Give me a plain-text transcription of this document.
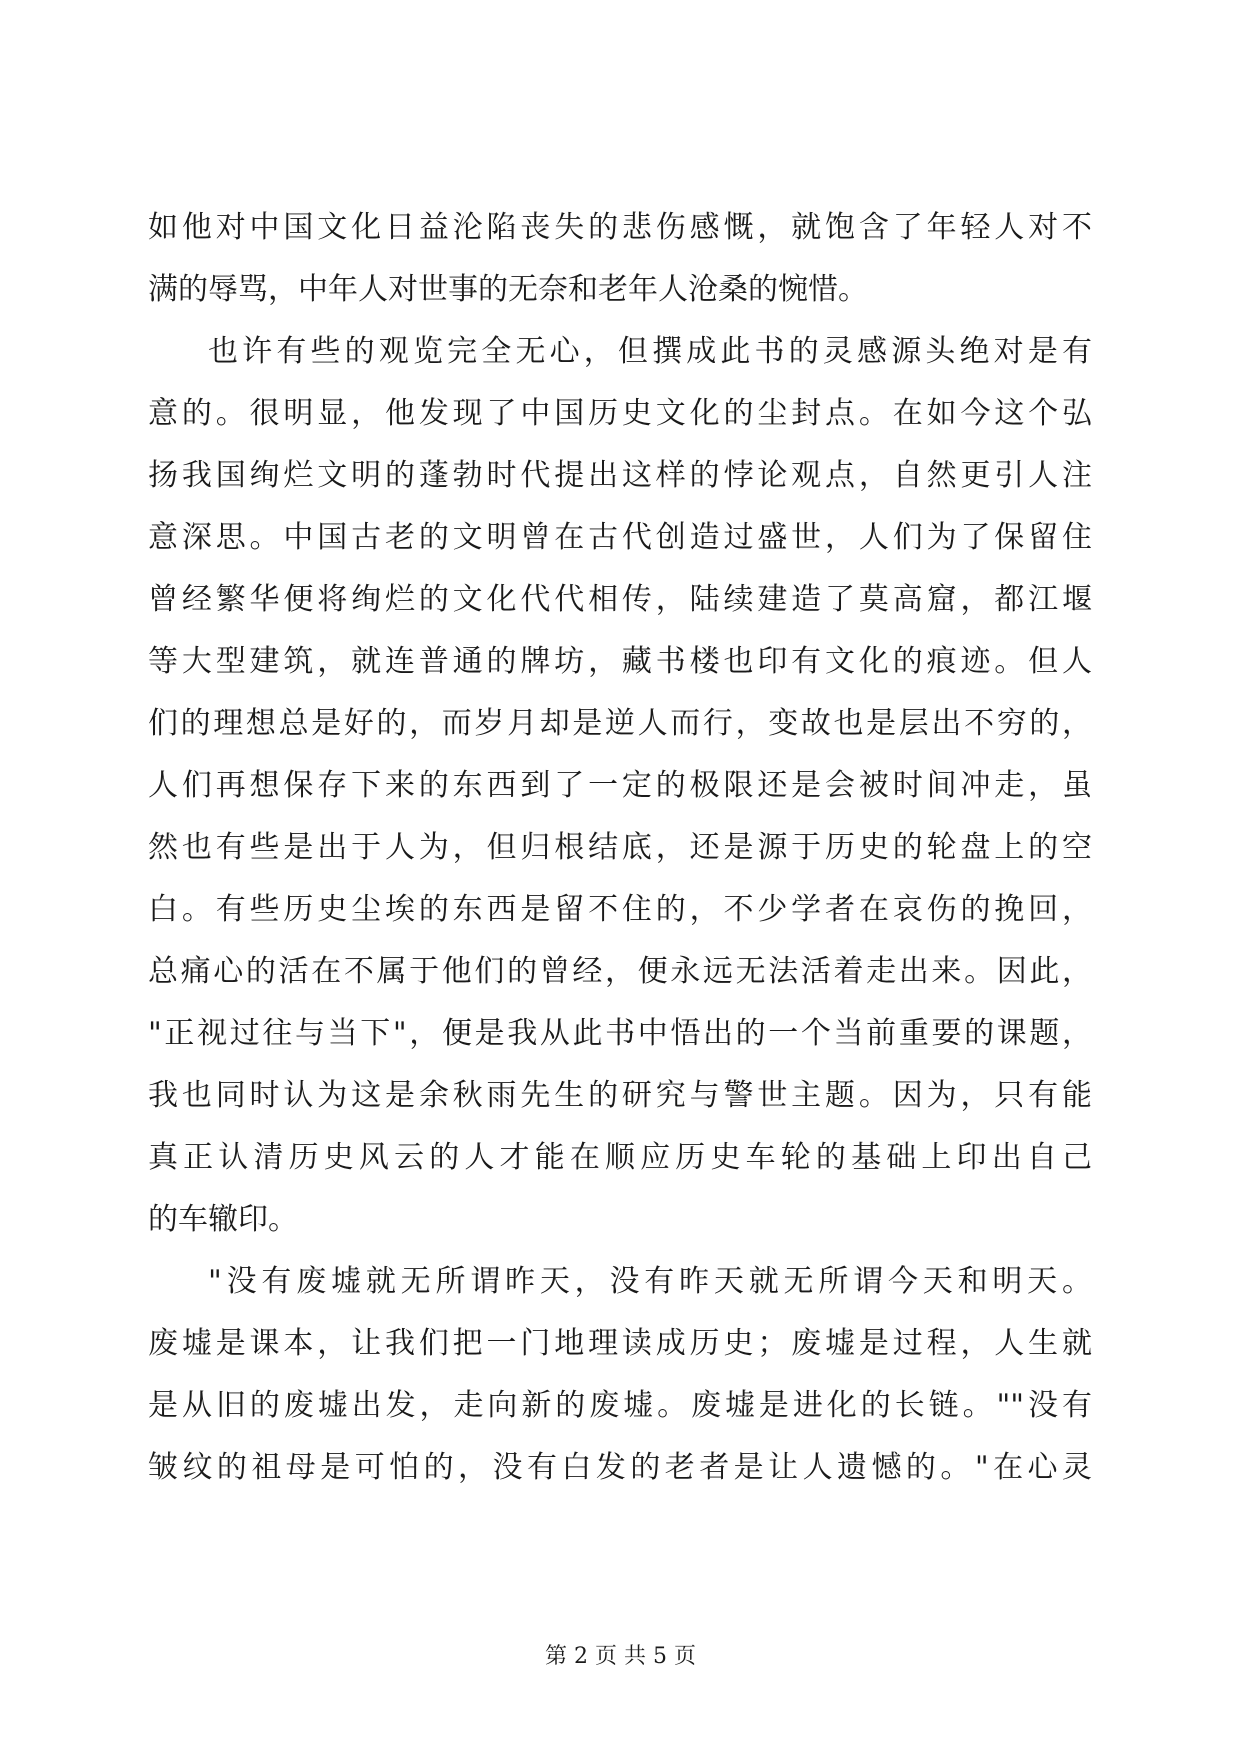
如他对中国文化日益沦陷丧失的悲伤感慨，就饱含了年轻人对不
满的辱骂，中年人对世事的无奈和老年人沧桑的惋惜。
也许有些的观览完全无心，但撰成此书的灵感源头绝对是有
意的。很明显，他发现了中国历史文化的尘封点。在如今这个弘
扬我国绚烂文明的蓬勃时代提出这样的悖论观点，自然更引人注
意深思。中国古老的文明曾在古代创造过盛世，人们为了保留住
曾经繁华便将绚烂的文化代代相传，陆续建造了莫高窟，都江堰
等大型建筑，就连普通的牌坊，藏书楼也印有文化的痕迹。但人
们的理想总是好的，而岁月却是逆人而行，变故也是层出不穷的，
人们再想保存下来的东西到了一定的极限还是会被时间冲走，虽
然也有些是出于人为，但归根结底，还是源于历史的轮盘上的空
白。有些历史尘埃的东西是留不住的，不少学者在哀伤的挽回，
总痛心的活在不属于他们的曾经，便永远无法活着走出来。因此，
"正视过往与当下"，便是我从此书中悟出的一个当前重要的课题，
我也同时认为这是余秋雨先生的研究与警世主题。因为，只有能
真正认清历史风云的人才能在顺应历史车轮的基础上印出自己
的车辙印。
"没有废墟就无所谓昨天，没有昨天就无所谓今天和明天。
废墟是课本，让我们把一门地理读成历史；废墟是过程，人生就
是从旧的废墟出发，走向新的废墟。废墟是进化的长链。""没有
皱纹的祖母是可怕的，没有白发的老者是让人遗憾的。"在心灵
第 2 页 共 5 页
